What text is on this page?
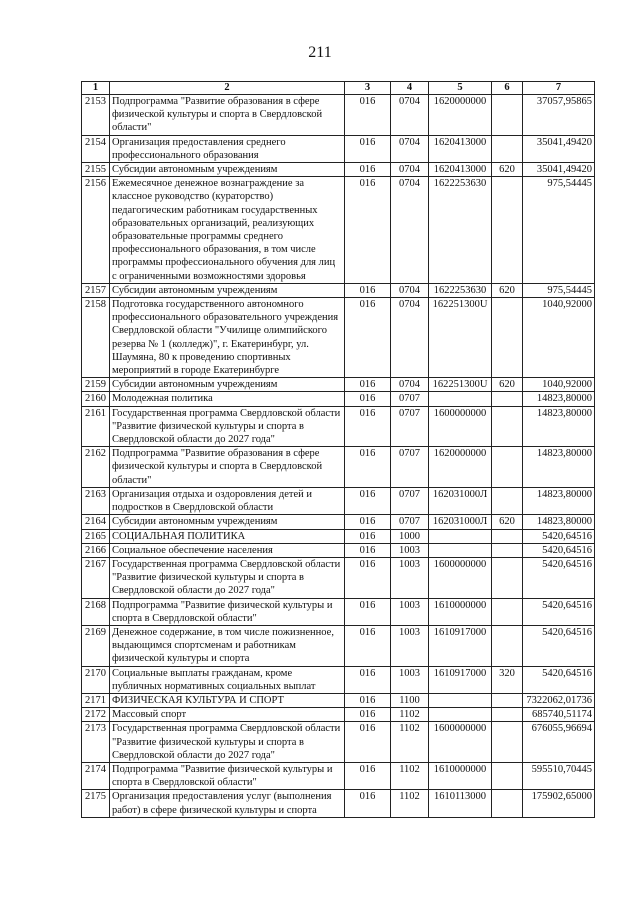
211
1	2	3	4	5	6	7
2153	Подпрограмма "Развитие образования в сфере физической культуры и спорта в Свердловской области"	016	0704	1620000000		37057,95865
2154	Организация предоставления среднего профессионального образования	016	0704	1620413000		35041,49420
2155	Субсидии автономным учреждениям	016	0704	1620413000	620	35041,49420
2156	Ежемесячное денежное вознаграждение за классное руководство (кураторство) педагогическим работникам государственных образовательных организаций, реализующих образовательные программы среднего профессионального образования, в том числе программы профессионального обучения для лиц с ограниченными возможностями здоровья	016	0704	1622253630		975,54445
2157	Субсидии автономным учреждениям	016	0704	1622253630	620	975,54445
2158	Подготовка государственного автономного профессионального образовательного учреждения Свердловской области "Училище олимпийского резерва № 1 (колледж)", г. Екатеринбург, ул. Шаумяна, 80 к проведению спортивных мероприятий в городе Екатеринбурге	016	0704	162251300U		1040,92000
2159	Субсидии автономным учреждениям	016	0704	162251300U	620	1040,92000
2160	Молодежная политика	016	0707			14823,80000
2161	Государственная программа Свердловской области "Развитие физической культуры и спорта в Свердловской области до 2027 года"	016	0707	1600000000		14823,80000
2162	Подпрограмма "Развитие образования в сфере физической культуры и спорта в Свердловской области"	016	0707	1620000000		14823,80000
2163	Организация отдыха и оздоровления детей и подростков в Свердловской области	016	0707	162031000Л		14823,80000
2164	Субсидии автономным учреждениям	016	0707	162031000Л	620	14823,80000
2165	СОЦИАЛЬНАЯ ПОЛИТИКА	016	1000			5420,64516
2166	Социальное обеспечение населения	016	1003			5420,64516
2167	Государственная программа Свердловской области "Развитие физической культуры и спорта в Свердловской области до 2027 года"	016	1003	1600000000		5420,64516
2168	Подпрограмма "Развитие физической культуры и спорта в Свердловской области"	016	1003	1610000000		5420,64516
2169	Денежное содержание, в том числе пожизненное, выдающимся спортсменам и работникам физической культуры и спорта	016	1003	1610917000		5420,64516
2170	Социальные выплаты гражданам, кроме публичных нормативных социальных выплат	016	1003	1610917000	320	5420,64516
2171	ФИЗИЧЕСКАЯ КУЛЬТУРА И СПОРТ	016	1100			7322062,01736
2172	Массовый спорт	016	1102			685740,51174
2173	Государственная программа Свердловской области "Развитие физической культуры и спорта в Свердловской области до 2027 года"	016	1102	1600000000		676055,96694
2174	Подпрограмма "Развитие физической культуры и спорта в Свердловской области"	016	1102	1610000000		595510,70445
2175	Организация предоставления услуг (выполнения работ) в сфере физической культуры и спорта	016	1102	1610113000		175902,65000
